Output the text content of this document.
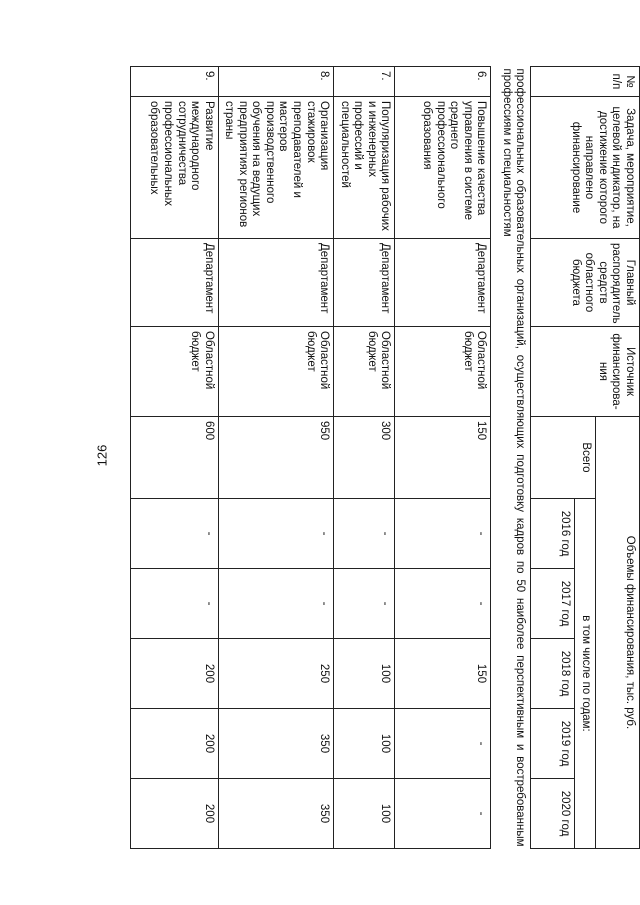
126
№ п/п	Задача, мероприятие, целевой индикатор, на достижение которого направлено финансирование	Главный распорядитель средств областного бюджета	Источник финансирова-ния	Объемы финансирования, тыс. руб.					
				Всего	в том числе по годам:				
					2016 год	2017 год	2018 год	2019 год	2020 год
профессиональных образовательных организаций, осуществляющих подготовку кадров по 50 наиболее перспективным и востребованным профессиям и специальностям									
6.	Повышение качества управления в системе среднего профессионального образования	Департамент	Областной бюджет	150	-	-	150	-	-
7.	Популяризация рабочих и инженерных профессий и специальностей	Департамент	Областной бюджет	300	-	-	100	100	100
8.	Организация стажировок преподавателей и мастеров производственного обучения на ведущих предприятиях регионов страны	Департамент	Областной бюджет	950	-	-	250	350	350
9.	Развитие международного сотрудничества профессиональных образовательных	Департамент	Областной бюджет	600	-	-	200	200	200
